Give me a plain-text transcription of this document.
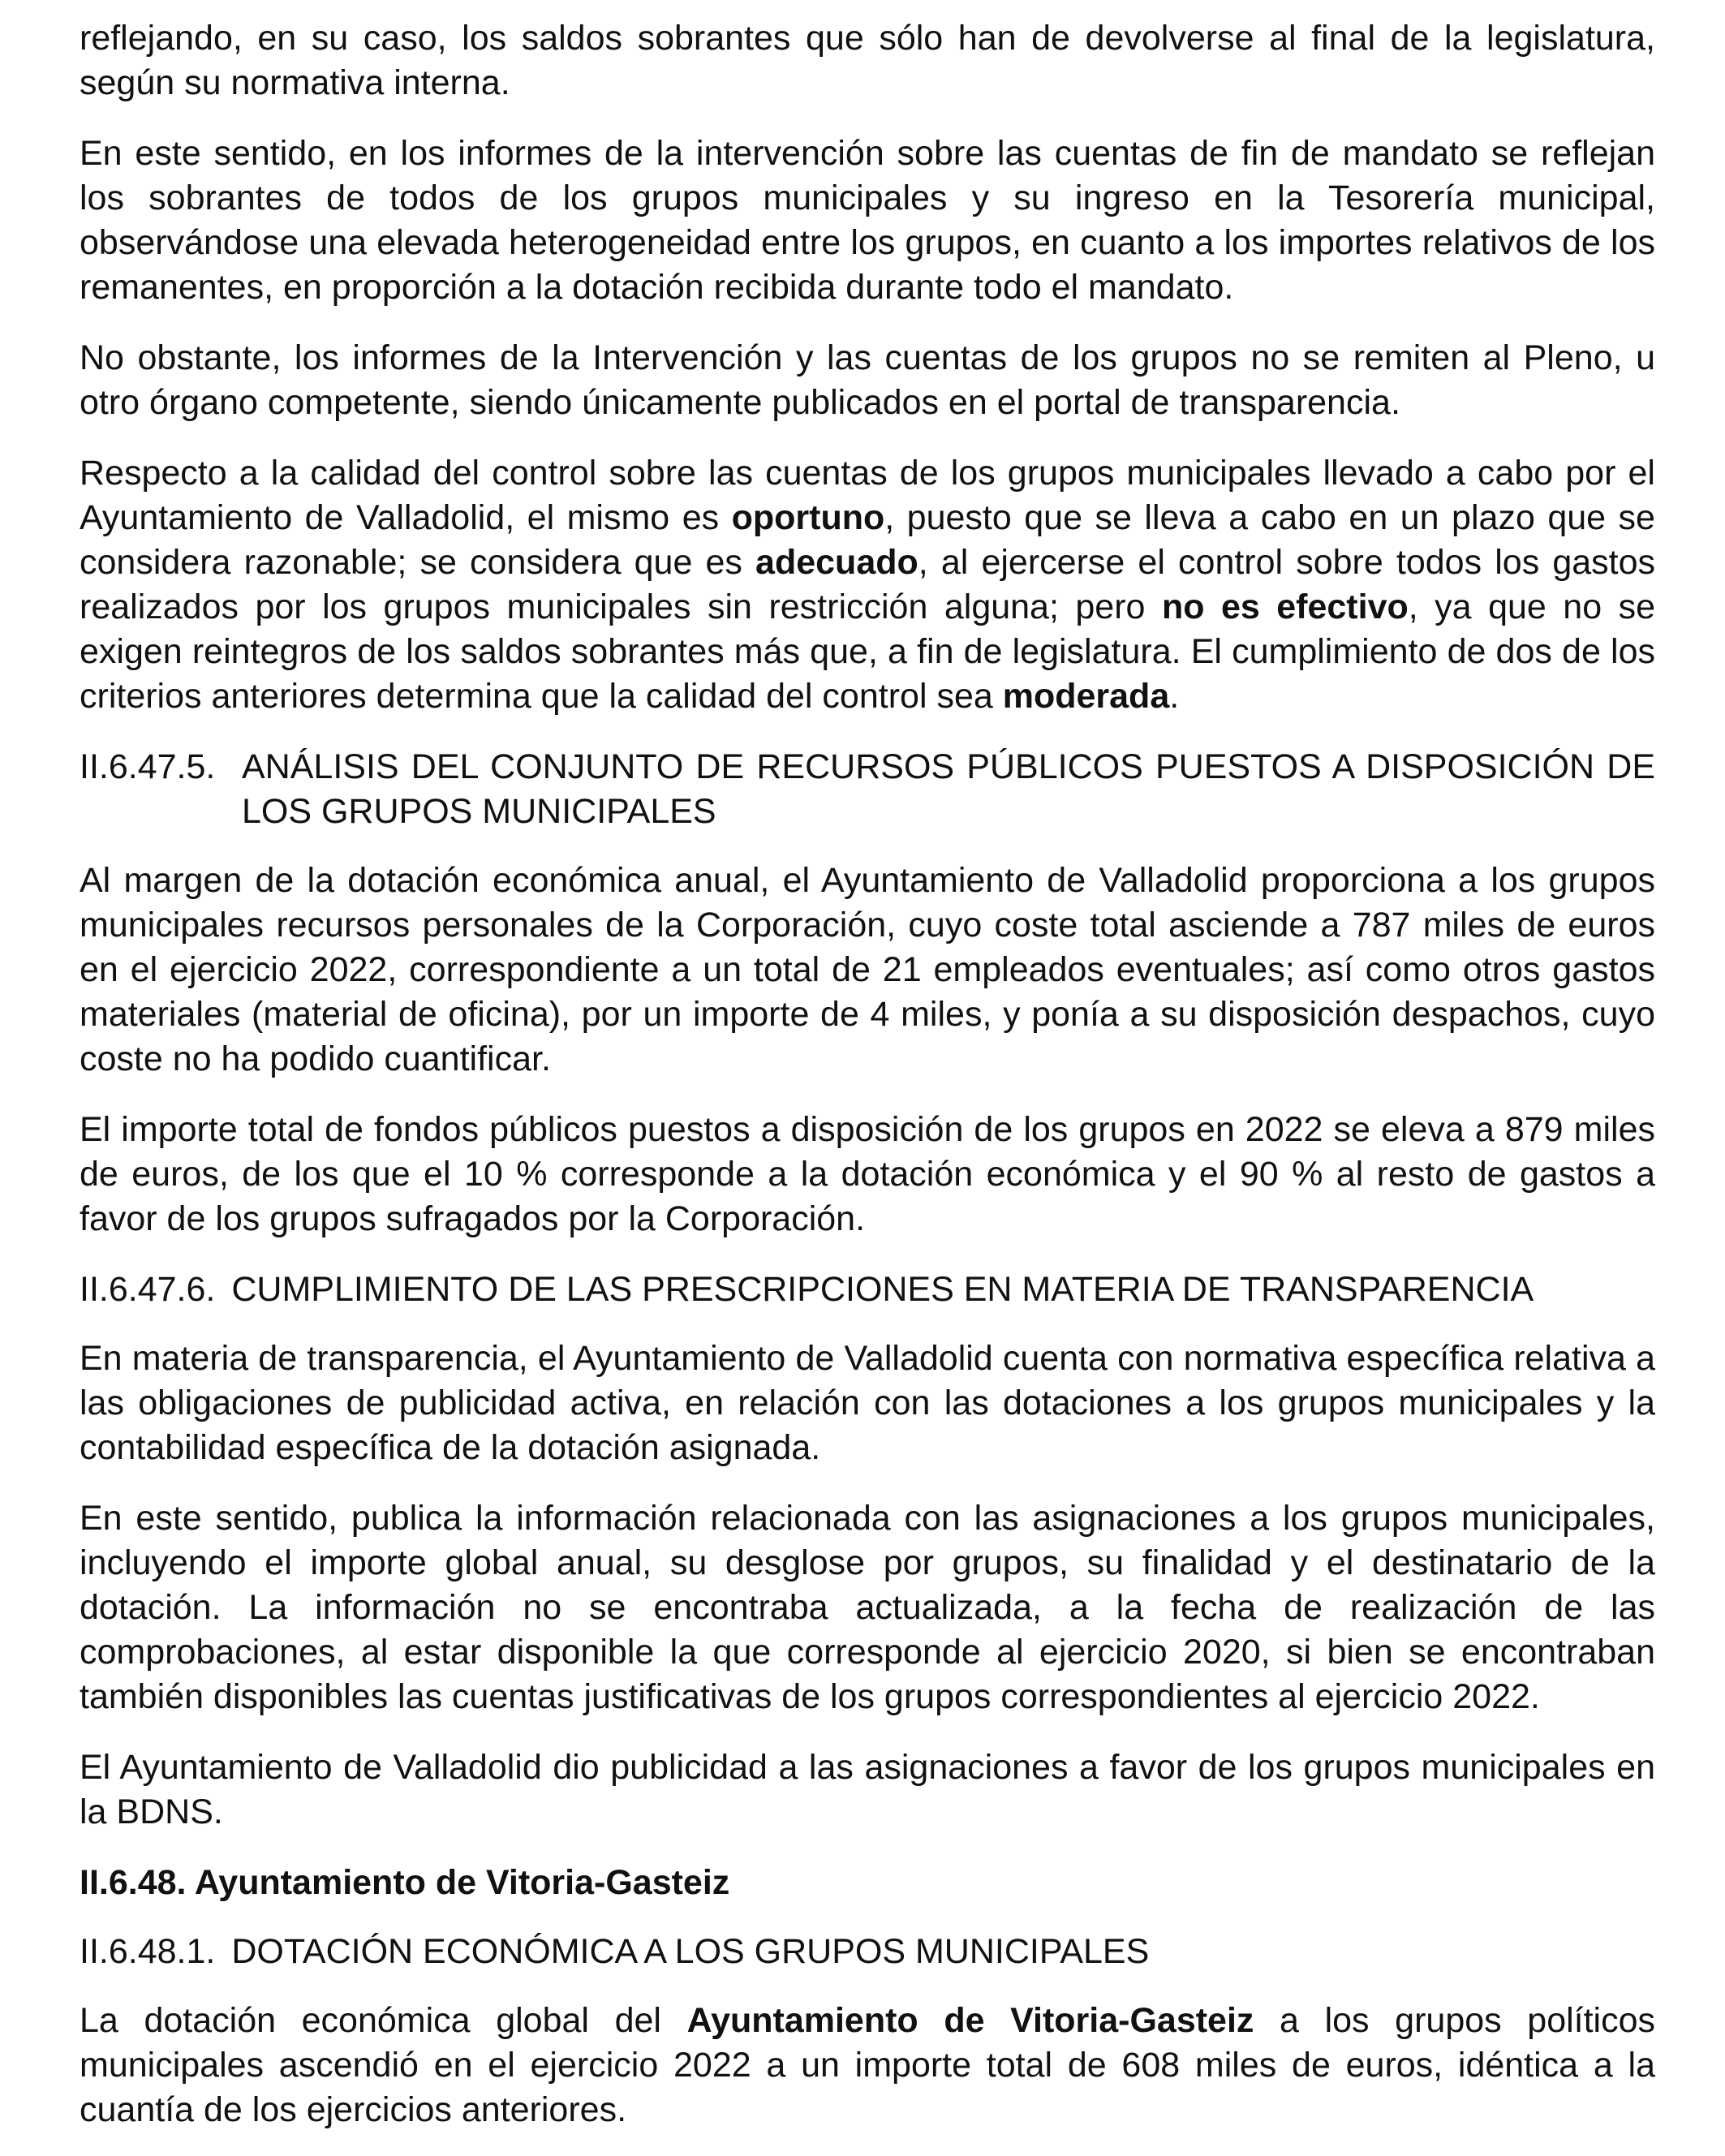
reflejando, en su caso, los saldos sobrantes que sólo han de devolverse al final de la legislatura, según su normativa interna.

En este sentido, en los informes de la intervención sobre las cuentas de fin de mandato se reflejan los sobrantes de todos de los grupos municipales y su ingreso en la Tesorería municipal, observándose una elevada heterogeneidad entre los grupos, en cuanto a los importes relativos de los remanentes, en proporción a la dotación recibida durante todo el mandato.

No obstante, los informes de la Intervención y las cuentas de los grupos no se remiten al Pleno, u otro órgano competente, siendo únicamente publicados en el portal de transparencia.

Respecto a la calidad del control sobre las cuentas de los grupos municipales llevado a cabo por el Ayuntamiento de Valladolid, el mismo es oportuno, puesto que se lleva a cabo en un plazo que se considera razonable; se considera que es adecuado, al ejercerse el control sobre todos los gastos realizados por los grupos municipales sin restricción alguna; pero no es efectivo, ya que no se exigen reintegros de los saldos sobrantes más que, a fin de legislatura. El cumplimiento de dos de los criterios anteriores determina que la calidad del control sea moderada.

II.6.47.5. ANÁLISIS DEL CONJUNTO DE RECURSOS PÚBLICOS PUESTOS A DISPOSICIÓN DE LOS GRUPOS MUNICIPALES

Al margen de la dotación económica anual, el Ayuntamiento de Valladolid proporciona a los grupos municipales recursos personales de la Corporación, cuyo coste total asciende a 787 miles de euros en el ejercicio 2022, correspondiente a un total de 21 empleados eventuales; así como otros gastos materiales (material de oficina), por un importe de 4 miles, y ponía a su disposición despachos, cuyo coste no ha podido cuantificar.

El importe total de fondos públicos puestos a disposición de los grupos en 2022 se eleva a 879 miles de euros, de los que el 10 % corresponde a la dotación económica y el 90 % al resto de gastos a favor de los grupos sufragados por la Corporación.

II.6.47.6. CUMPLIMIENTO DE LAS PRESCRIPCIONES EN MATERIA DE TRANSPARENCIA

En materia de transparencia, el Ayuntamiento de Valladolid cuenta con normativa específica relativa a las obligaciones de publicidad activa, en relación con las dotaciones a los grupos municipales y la contabilidad específica de la dotación asignada.

En este sentido, publica la información relacionada con las asignaciones a los grupos municipales, incluyendo el importe global anual, su desglose por grupos, su finalidad y el destinatario de la dotación. La información no se encontraba actualizada, a la fecha de realización de las comprobaciones, al estar disponible la que corresponde al ejercicio 2020, si bien se encontraban también disponibles las cuentas justificativas de los grupos correspondientes al ejercicio 2022.

El Ayuntamiento de Valladolid dio publicidad a las asignaciones a favor de los grupos municipales en la BDNS.

II.6.48. Ayuntamiento de Vitoria-Gasteiz
II.6.48.1. DOTACIÓN ECONÓMICA A LOS GRUPOS MUNICIPALES

La dotación económica global del Ayuntamiento de Vitoria-Gasteiz a los grupos políticos municipales ascendió en el ejercicio 2022 a un importe total de 608 miles de euros, idéntica a la cuantía de los ejercicios anteriores.
